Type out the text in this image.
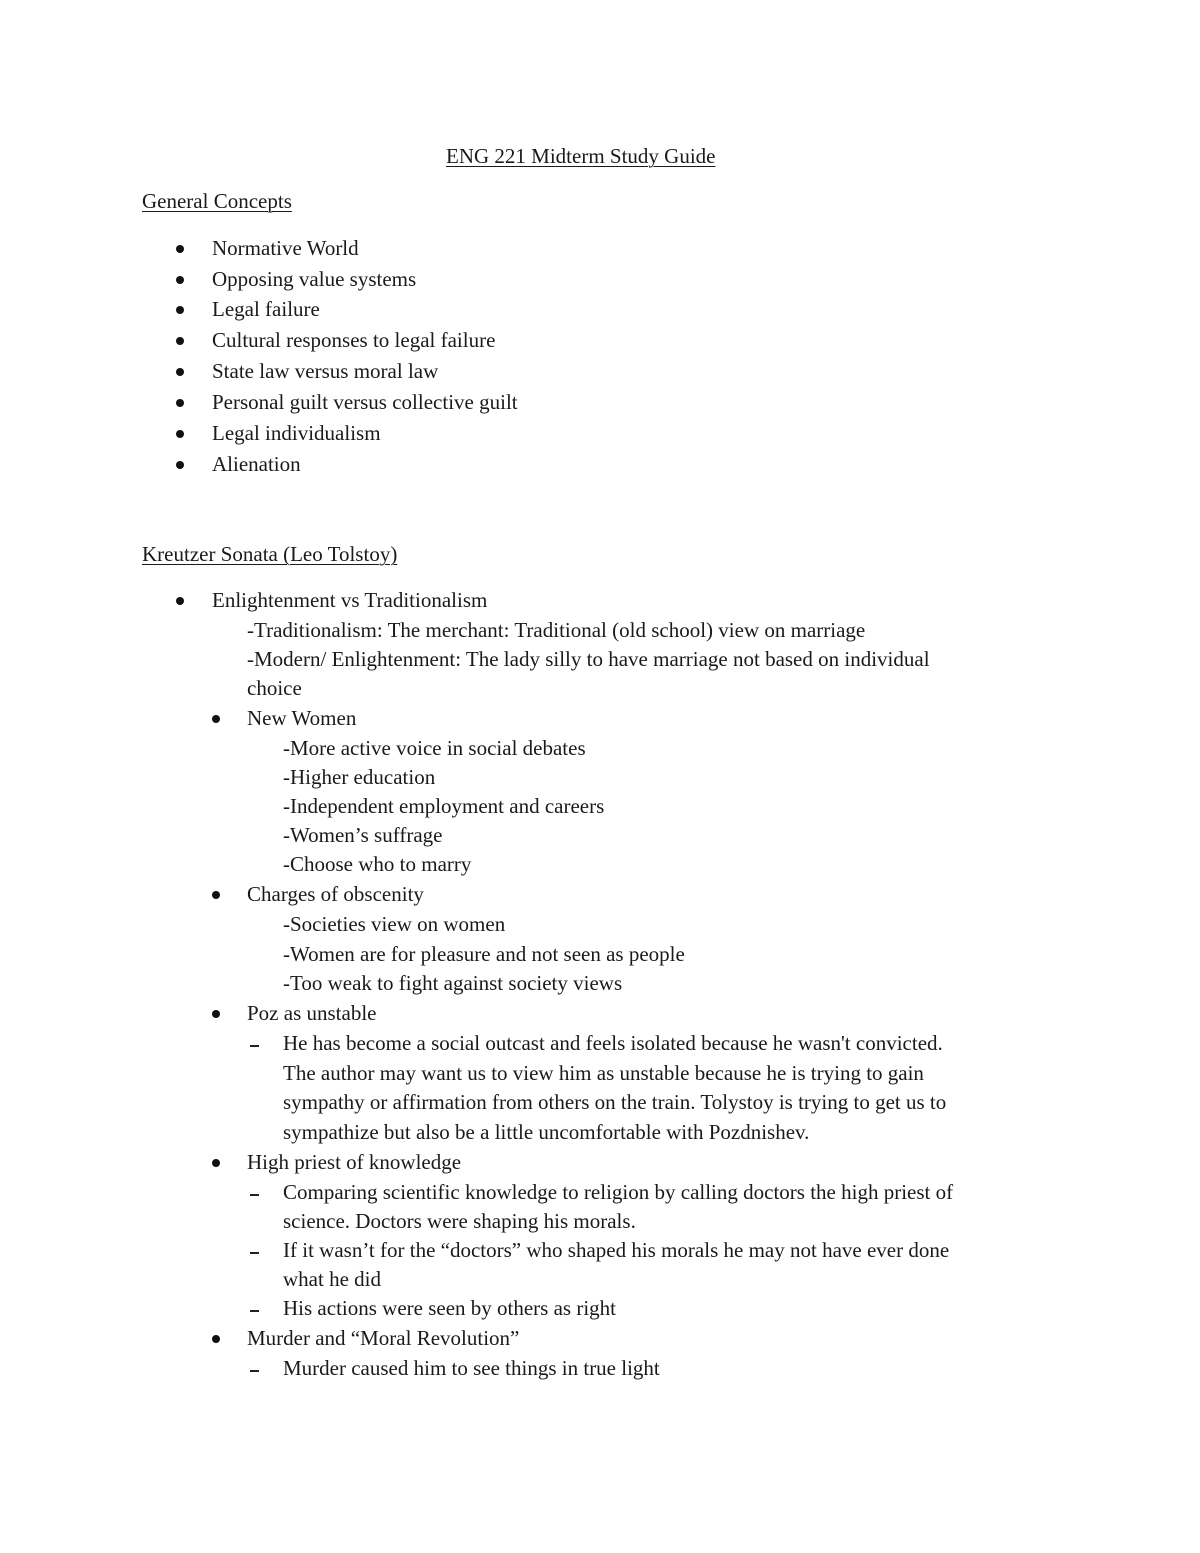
ENG 221 Midterm Study Guide
General Concepts
Normative World
Opposing value systems
Legal failure
Cultural responses to legal failure
State law versus moral law
Personal guilt versus collective guilt
Legal individualism
Alienation
Kreutzer Sonata (Leo Tolstoy)
Enlightenment vs Traditionalism
-Traditionalism: The merchant: Traditional (old school) view on marriage
-Modern/ Enlightenment: The lady silly to have marriage not based on individual
choice
New Women
-More active voice in social debates
-Higher education
-Independent employment and careers
-Women’s suffrage
-Choose who to marry
Charges of obscenity
-Societies view on women
-Women are for pleasure and not seen as people
-Too weak to fight against society views
Poz as unstable
He has become a social outcast and feels isolated because he wasn't convicted.
The author may want us to view him as unstable because he is trying to gain
sympathy or affirmation from others on the train. Tolystoy is trying to get us to
sympathize but also be a little uncomfortable with Pozdnishev.
High priest of knowledge
Comparing scientific knowledge to religion by calling doctors the high priest of
science. Doctors were shaping his morals.
If it wasn’t for the “doctors” who shaped his morals he may not have ever done
what he did
His actions were seen by others as right
Murder and “Moral Revolution”
Murder caused him to see things in true light
